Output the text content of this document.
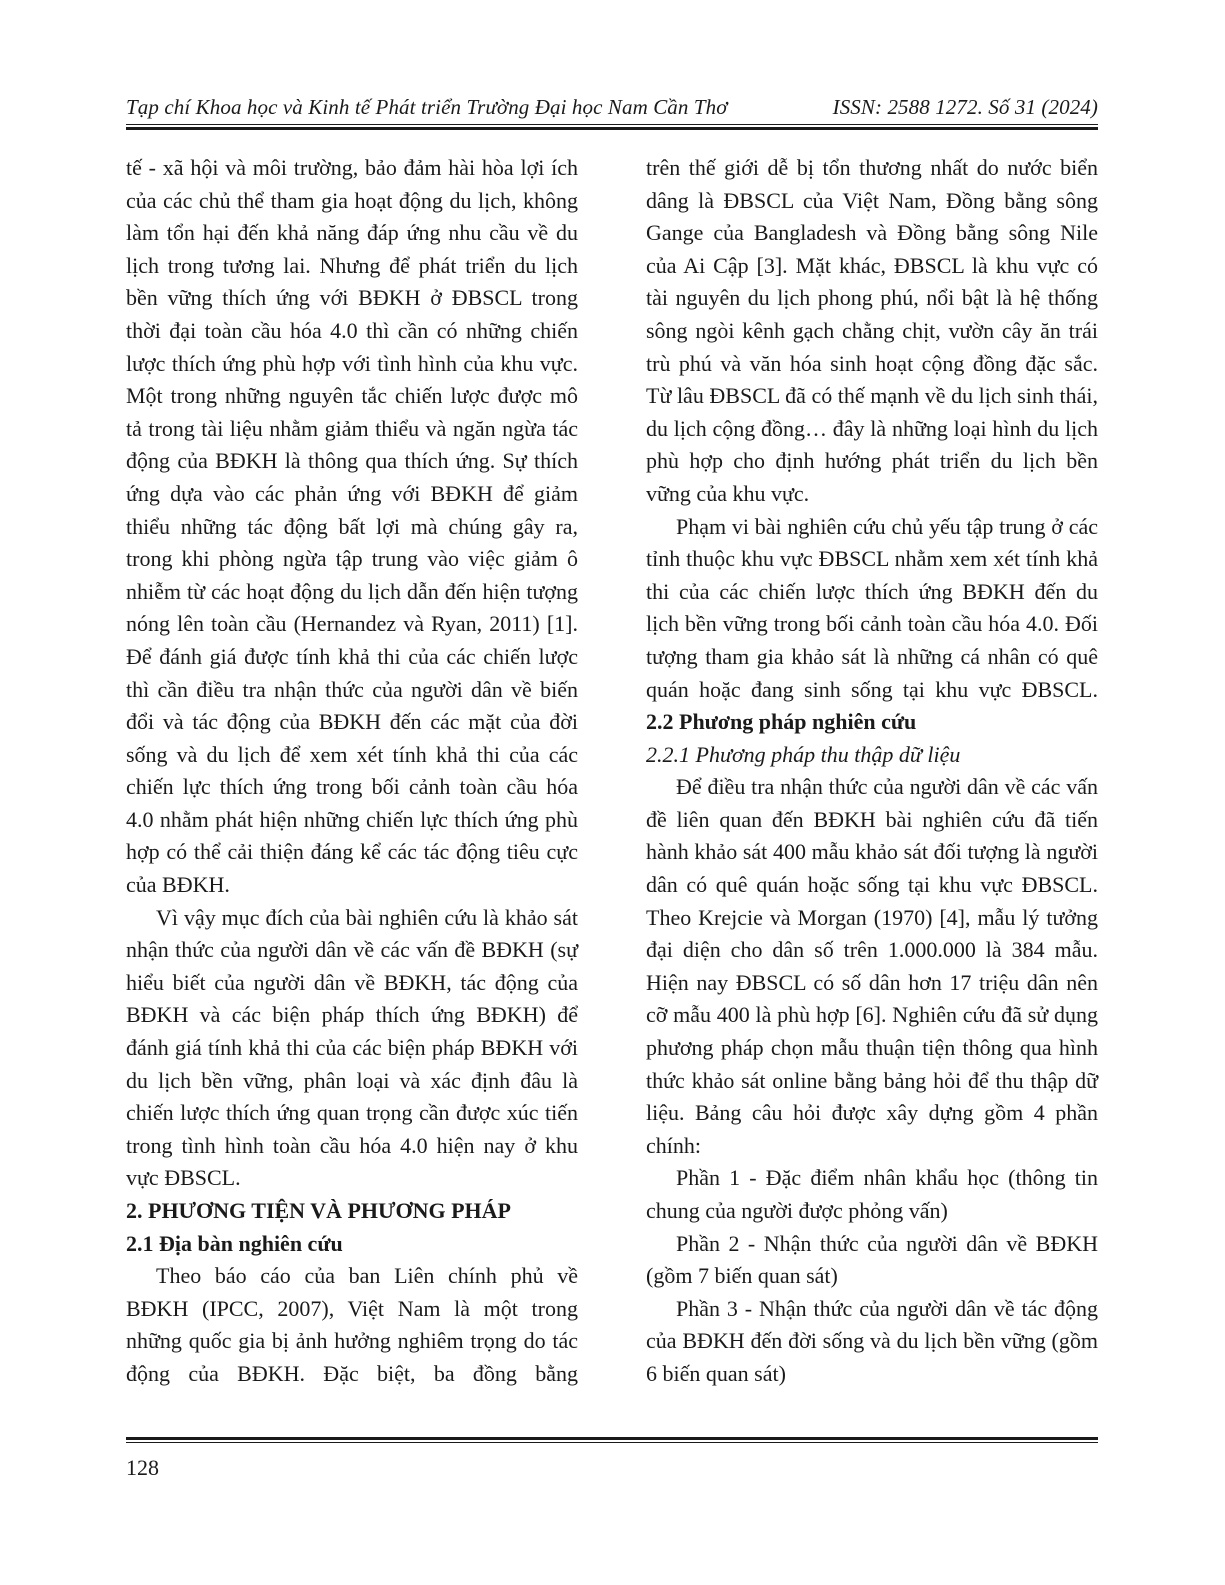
Tạp chí Khoa học và Kinh tế Phát triển Trường Đại học Nam Cần Thơ	ISSN: 2588 1272. Số 31 (2024)

tế - xã hội và môi trường, bảo đảm hài hòa lợi ích của các chủ thể tham gia hoạt động du lịch, không làm tổn hại đến khả năng đáp ứng nhu cầu về du lịch trong tương lai. Nhưng để phát triển du lịch bền vững thích ứng với BĐKH ở ĐBSCL trong thời đại toàn cầu hóa 4.0 thì cần có những chiến lược thích ứng phù hợp với tình hình của khu vực. Một trong những nguyên tắc chiến lược được mô tả trong tài liệu nhằm giảm thiểu và ngăn ngừa tác động của BĐKH là thông qua thích ứng. Sự thích ứng dựa vào các phản ứng với BĐKH để giảm thiểu những tác động bất lợi mà chúng gây ra, trong khi phòng ngừa tập trung vào việc giảm ô nhiễm từ các hoạt động du lịch dẫn đến hiện tượng nóng lên toàn cầu (Hernandez và Ryan, 2011) [1]. Để đánh giá được tính khả thi của các chiến lược thì cần điều tra nhận thức của người dân về biến đổi và tác động của BĐKH đến các mặt của đời sống và du lịch để xem xét tính khả thi của các chiến lực thích ứng trong bối cảnh toàn cầu hóa 4.0 nhằm phát hiện những chiến lực thích ứng phù hợp có thể cải thiện đáng kể các tác động tiêu cực của BĐKH.

Vì vậy mục đích của bài nghiên cứu là khảo sát nhận thức của người dân về các vấn đề BĐKH (sự hiểu biết của người dân về BĐKH, tác động của BĐKH và các biện pháp thích ứng BĐKH) để đánh giá tính khả thi của các biện pháp BĐKH với du lịch bền vững, phân loại và xác định đâu là chiến lược thích ứng quan trọng cần được xúc tiến trong tình hình toàn cầu hóa 4.0 hiện nay ở khu vực ĐBSCL.

2. PHƯƠNG TIỆN VÀ PHƯƠNG PHÁP

2.1 Địa bàn nghiên cứu

Theo báo cáo của ban Liên chính phủ về BĐKH (IPCC, 2007), Việt Nam là một trong những quốc gia bị ảnh hưởng nghiêm trọng do tác động của BĐKH. Đặc biệt, ba đồng bằng

trên thế giới dễ bị tổn thương nhất do nước biển dâng là ĐBSCL của Việt Nam, Đồng bằng sông Gange của Bangladesh và Đồng bằng sông Nile của Ai Cập [3]. Mặt khác, ĐBSCL là khu vực có tài nguyên du lịch phong phú, nổi bật là hệ thống sông ngòi kênh gạch chằng chịt, vườn cây ăn trái trù phú và văn hóa sinh hoạt cộng đồng đặc sắc. Từ lâu ĐBSCL đã có thế mạnh về du lịch sinh thái, du lịch cộng đồng… đây là những loại hình du lịch phù hợp cho định hướng phát triển du lịch bền vững của khu vực.

Phạm vi bài nghiên cứu chủ yếu tập trung ở các tỉnh thuộc khu vực ĐBSCL nhằm xem xét tính khả thi của các chiến lược thích ứng BĐKH đến du lịch bền vững trong bối cảnh toàn cầu hóa 4.0. Đối tượng tham gia khảo sát là những cá nhân có quê quán hoặc đang sinh sống tại khu vực ĐBSCL.

2.2 Phương pháp nghiên cứu

2.2.1 Phương pháp thu thập dữ liệu

Để điều tra nhận thức của người dân về các vấn đề liên quan đến BĐKH bài nghiên cứu đã tiến hành khảo sát 400 mẫu khảo sát đối tượng là người dân có quê quán hoặc sống tại khu vực ĐBSCL. Theo Krejcie và Morgan (1970) [4], mẫu lý tưởng đại diện cho dân số trên 1.000.000 là 384 mẫu. Hiện nay ĐBSCL có số dân hơn 17 triệu dân nên cỡ mẫu 400 là phù hợp [6]. Nghiên cứu đã sử dụng phương pháp chọn mẫu thuận tiện thông qua hình thức khảo sát online bằng bảng hỏi để thu thập dữ liệu. Bảng câu hỏi được xây dựng gồm 4 phần chính:

Phần 1 - Đặc điểm nhân khẩu học (thông tin chung của người được phỏng vấn)

Phần 2 - Nhận thức của người dân về BĐKH (gồm 7 biến quan sát)

Phần 3 - Nhận thức của người dân về tác động của BĐKH đến đời sống và du lịch bền vững (gồm 6 biến quan sát)

128
